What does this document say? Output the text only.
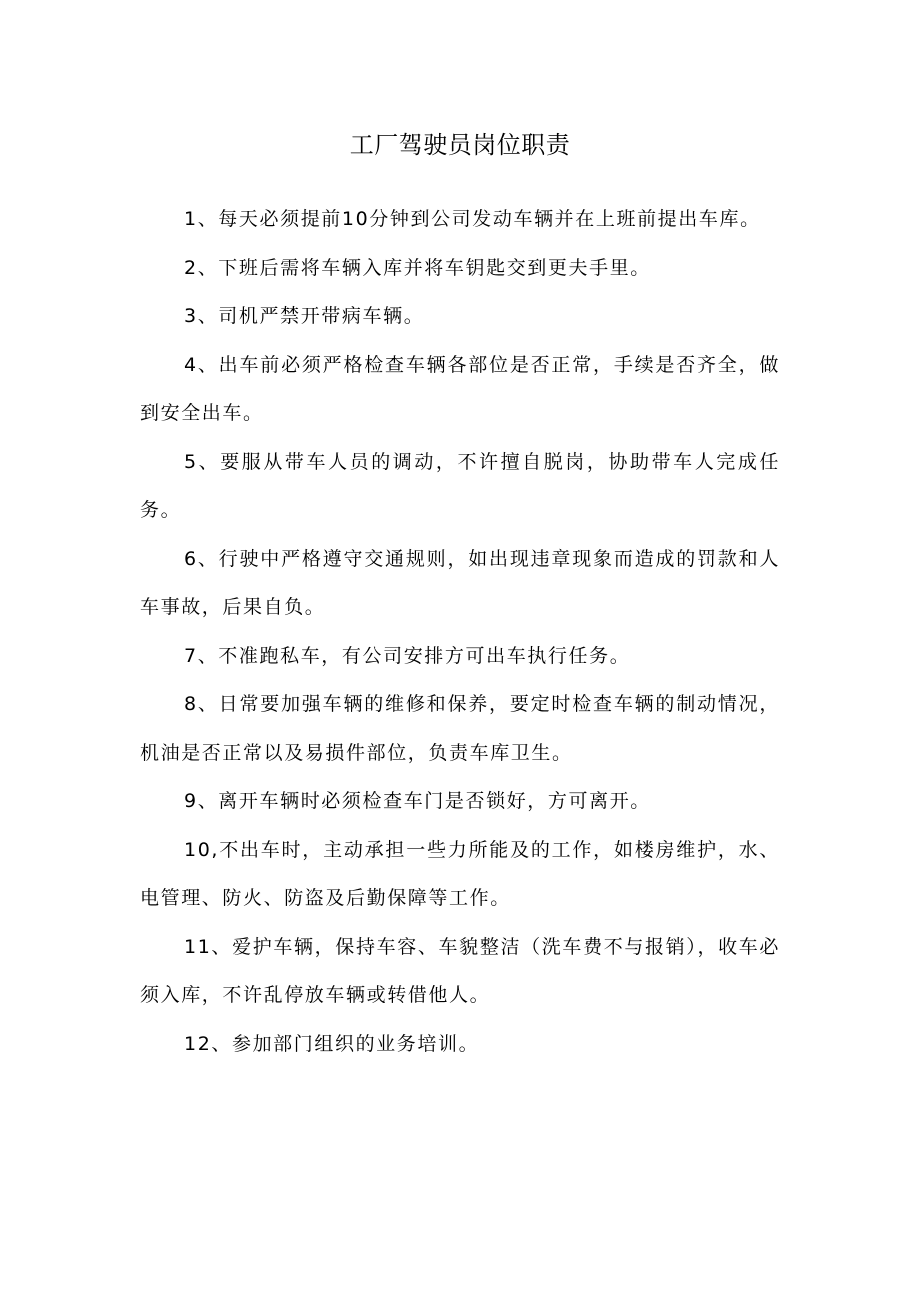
工厂驾驶员岗位职责

1、每天必须提前10分钟到公司发动车辆并在上班前提出车库。

2、下班后需将车辆入库并将车钥匙交到更夫手里。

3、司机严禁开带病车辆。

4、出车前必须严格检查车辆各部位是否正常，手续是否齐全，做到安全出车。

5、要服从带车人员的调动，不许擅自脱岗，协助带车人完成任务。

6、行驶中严格遵守交通规则，如出现违章现象而造成的罚款和人车事故，后果自负。

7、不准跑私车，有公司安排方可出车执行任务。

8、日常要加强车辆的维修和保养，要定时检查车辆的制动情况，机油是否正常以及易损件部位，负责车库卫生。

9、离开车辆时必须检查车门是否锁好，方可离开。

10,不出车时，主动承担一些力所能及的工作，如楼房维护，水、电管理、防火、防盗及后勤保障等工作。

11、爱护车辆，保持车容、车貌整洁（洗车费不与报销），收车必须入库，不许乱停放车辆或转借他人。

12、参加部门组织的业务培训。
